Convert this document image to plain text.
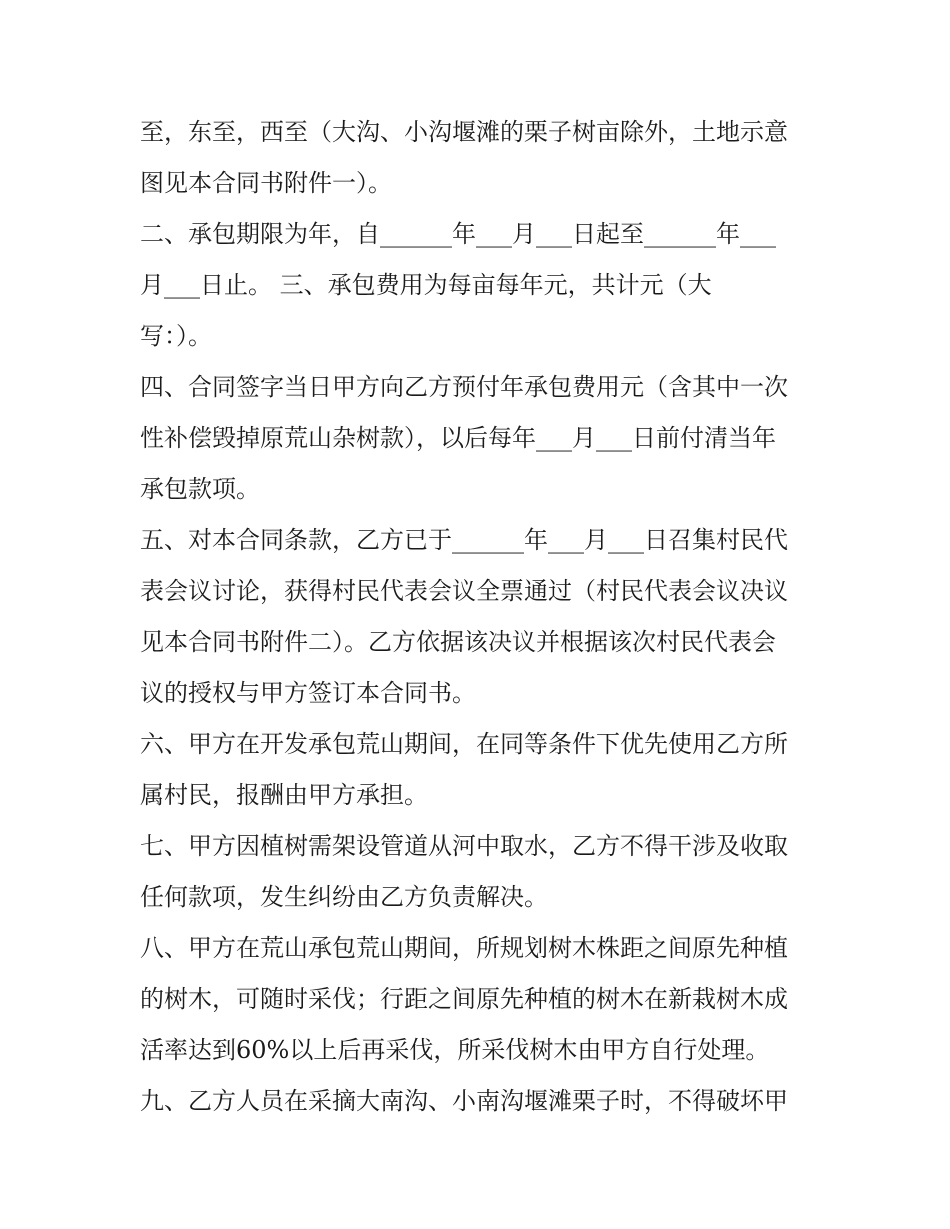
至，东至，西至（大沟、小沟堰滩的栗子树亩除外，土地示意

图见本合同书附件一）。

二、承包期限为年，自______年___月___日起至______年___

月___日止。 三、承包费用为每亩每年元，共计元（大

写：）。

四、合同签字当日甲方向乙方预付年承包费用元（含其中一次

性补偿毁掉原荒山杂树款），以后每年___月___日前付清当年

承包款项。

五、对本合同条款，乙方已于______年___月___日召集村民代

表会议讨论，获得村民代表会议全票通过（村民代表会议决议

见本合同书附件二）。乙方依据该决议并根据该次村民代表会

议的授权与甲方签订本合同书。

六、甲方在开发承包荒山期间，在同等条件下优先使用乙方所

属村民，报酬由甲方承担。

七、甲方因植树需架设管道从河中取水，乙方不得干涉及收取

任何款项，发生纠纷由乙方负责解决。

八、甲方在荒山承包荒山期间，所规划树木株距之间原先种植

的树木，可随时采伐；行距之间原先种植的树木在新栽树木成

活率达到60%以上后再采伐，所采伐树木由甲方自行处理。

九、乙方人员在采摘大南沟、小南沟堰滩栗子时，不得破坏甲
